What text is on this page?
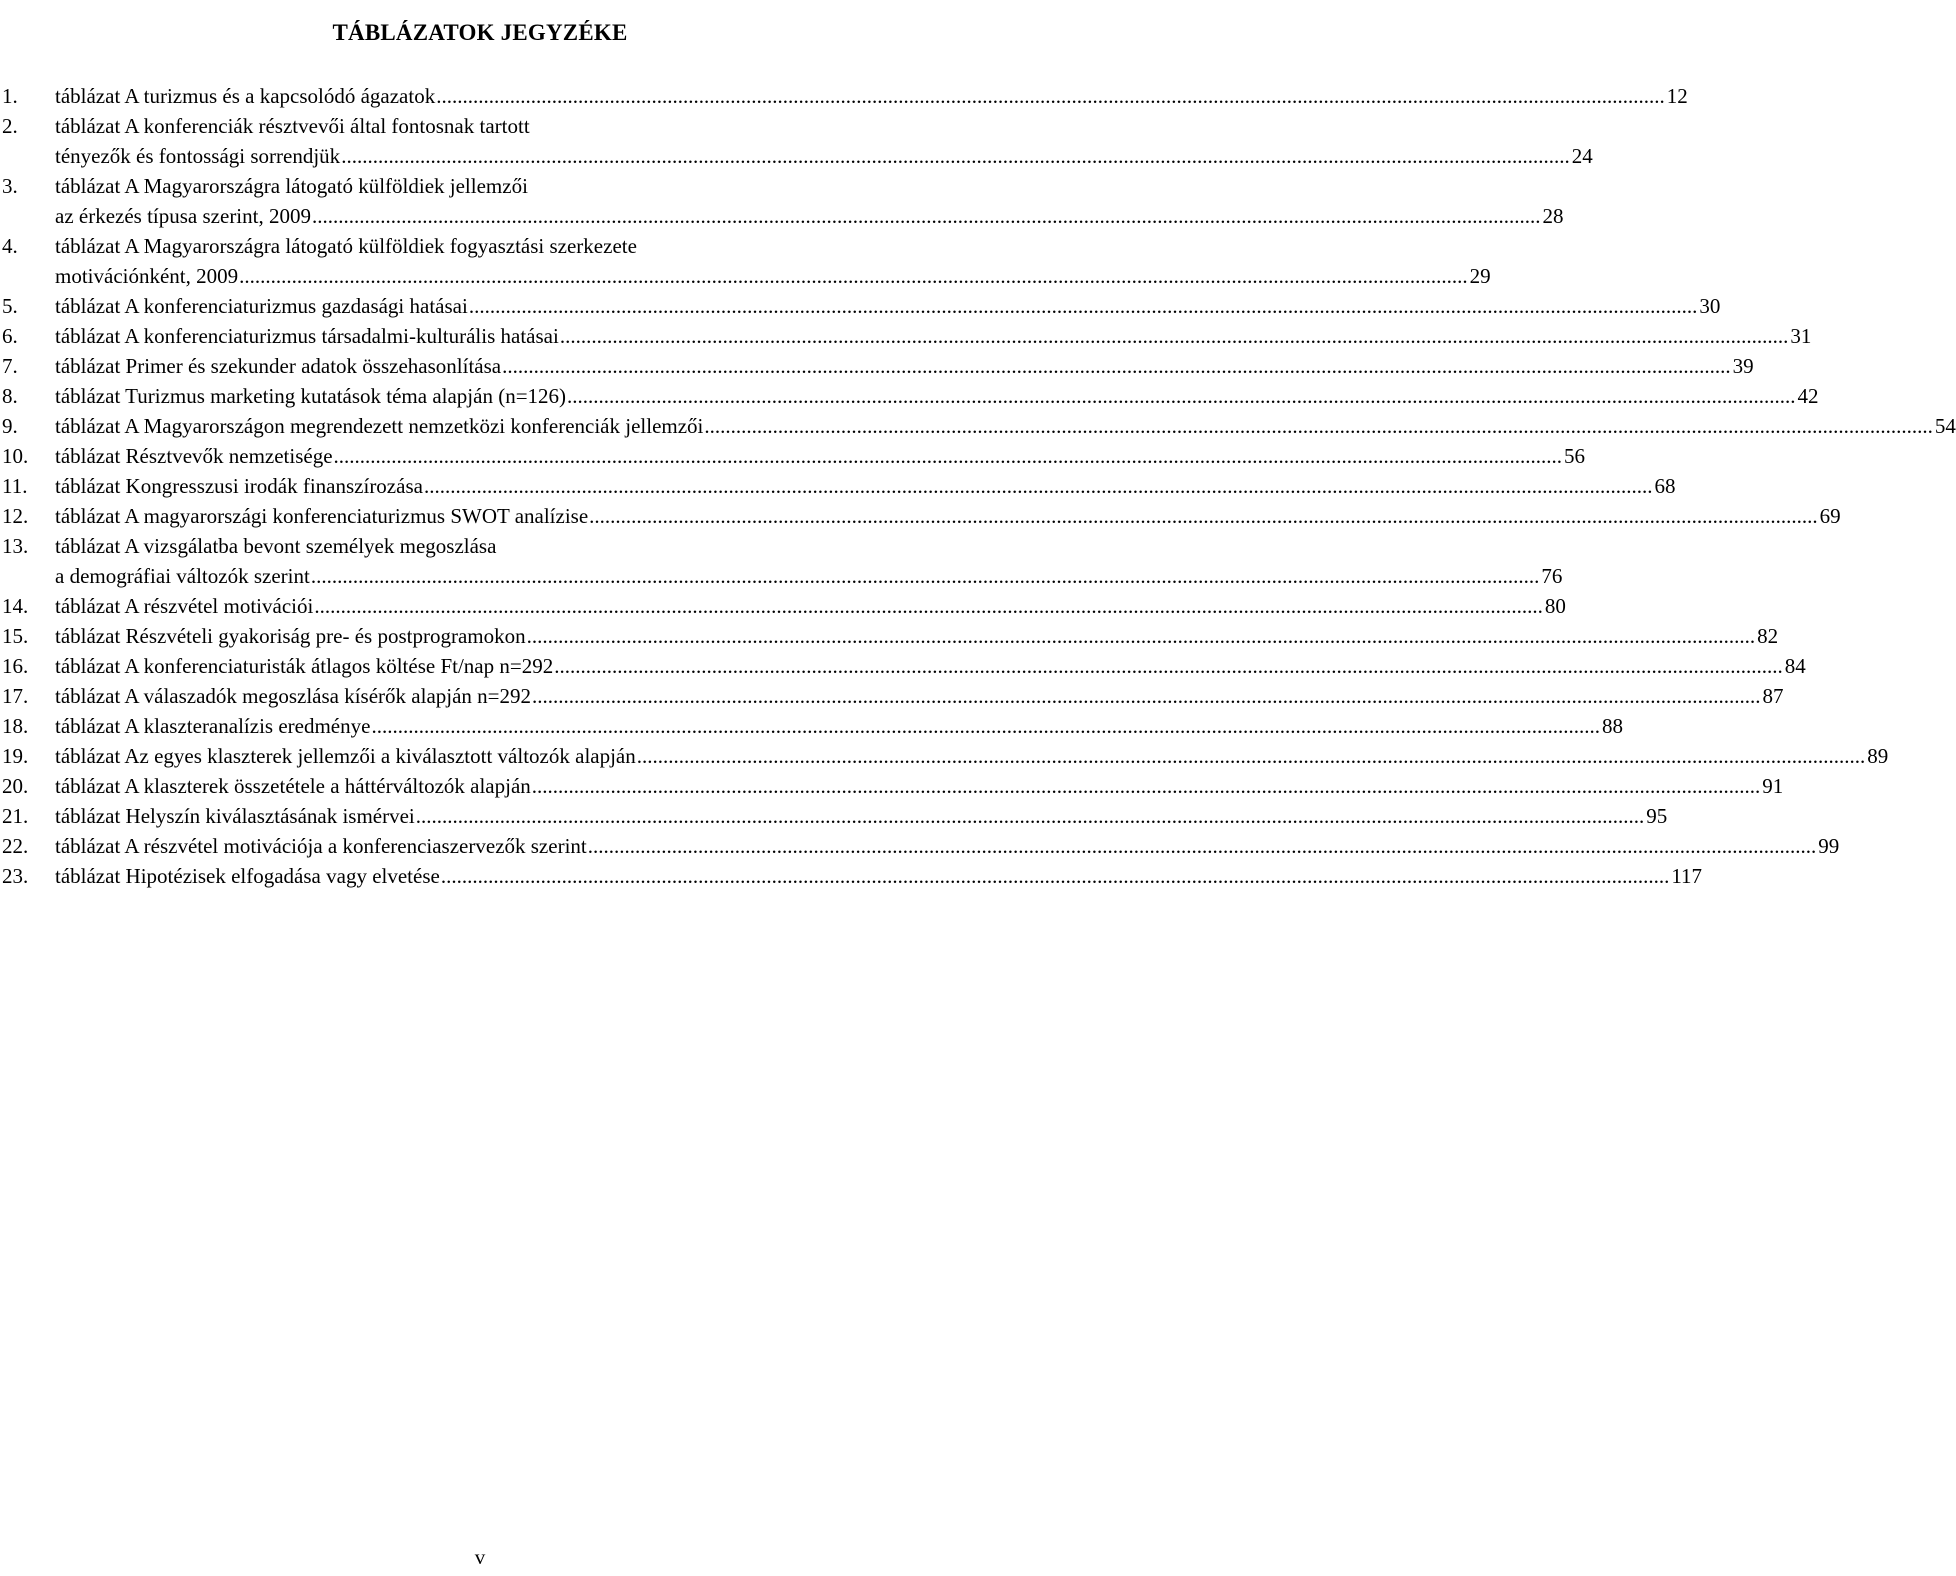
TÁBLÁZATOK JEGYZÉKE
1. táblázat A turizmus és a kapcsolódó ágazatok .......................................................................................................................................................................................................................................... 12
2. táblázat A konferenciák résztvevői által fontosnak tartott
tényezők és fontossági sorrendjük .......................................................................................................................................................................................................................................... 24
3. táblázat A Magyarországra látogató külföldiek jellemzői
az érkezés típusa szerint, 2009 .......................................................................................................................................................................................................................................... 28
4. táblázat A Magyarországra látogató külföldiek fogyasztási szerkezete
motivációnként, 2009 .......................................................................................................................................................................................................................................... 29
5. táblázat A konferenciaturizmus gazdasági hatásai .......................................................................................................................................................................................................................................... 30
6. táblázat A konferenciaturizmus társadalmi-kulturális hatásai .......................................................................................................................................................................................................................................... 31
7. táblázat Primer és szekunder adatok összehasonlítása .......................................................................................................................................................................................................................................... 39
8. táblázat Turizmus marketing kutatások téma alapján (n=126) .......................................................................................................................................................................................................................................... 42
9. táblázat A Magyarországon megrendezett nemzetközi konferenciák jellemzői .......................................................................................................................................................................................................................................... 54
10. táblázat Résztvevők nemzetisége .......................................................................................................................................................................................................................................... 56
11. táblázat Kongresszusi irodák finanszírozása .......................................................................................................................................................................................................................................... 68
12. táblázat A magyarországi konferenciaturizmus SWOT analízise .......................................................................................................................................................................................................................................... 69
13. táblázat A vizsgálatba bevont személyek megoszlása
a demográfiai változók szerint .......................................................................................................................................................................................................................................... 76
14. táblázat A részvétel motivációi .......................................................................................................................................................................................................................................... 80
15. táblázat Részvételi gyakoriság pre- és postprogramokon .......................................................................................................................................................................................................................................... 82
16. táblázat A konferenciaturisták átlagos költése Ft/nap n=292 .......................................................................................................................................................................................................................................... 84
17. táblázat A válaszadók megoszlása kísérők alapján n=292 .......................................................................................................................................................................................................................................... 87
18. táblázat A klaszteranalízis eredménye .......................................................................................................................................................................................................................................... 88
19. táblázat Az egyes klaszterek jellemzői a kiválasztott változók alapján .......................................................................................................................................................................................................................................... 89
20. táblázat A klaszterek összetétele a háttérváltozók alapján .......................................................................................................................................................................................................................................... 91
21. táblázat Helyszín kiválasztásának ismérvei .......................................................................................................................................................................................................................................... 95
22. táblázat A részvétel motivációja a konferenciaszervezők szerint .......................................................................................................................................................................................................................................... 99
23. táblázat Hipotézisek elfogadása vagy elvetése .......................................................................................................................................................................................................................................... 117
v
